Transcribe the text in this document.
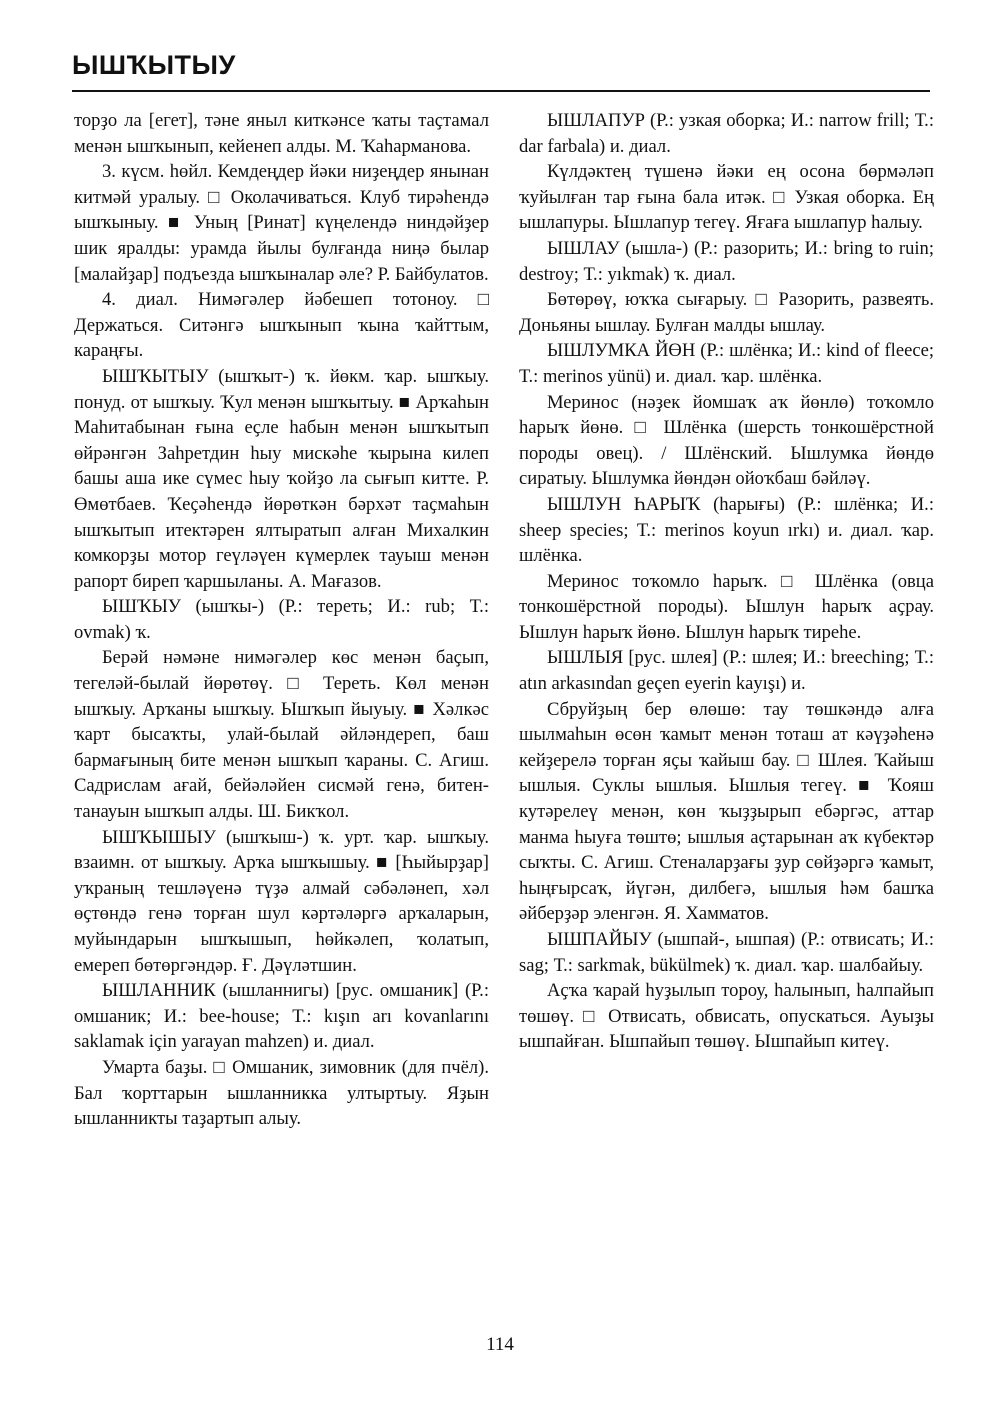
ЫШҠЫТЫУ

торҙо ла [егет], тәне яныл киткәнсе ҡаты таҫтамал менән ышҡынып, кейенеп алды. М. Ҡаһарманова.

3. күсм. һөйл. Кемдеңдер йәки ниҙеңдер янынан китмәй уралыу. □ Околачиваться. Клуб тирәһендә ышҡыныу. ■ Уның [Ринат] күңелендә ниндәйҙер шик яралды: урамда йылы булғанда ниңә былар [малайҙар] подъезда ышҡыналар әле? Р. Байбулатов.

4. диал. Нимәгәлер йәбешеп тотоноу. □ Держаться. Ситәнгә ышҡынып ҡына ҡайттым, караңғы.

ЫШҠЫТЫУ (ышҡыт-) ҡ. йөкм. ҡар. ышҡыу. понуд. от ышҡыу. Ҡул менән ышҡытыу. ■ Арҡаһын Маһитабынан ғына еҫле һабын менән ышҡытып өйрәнгән Заһретдин һыу мискәһе ҡырына килеп башы аша ике сүмес һыу ҡойҙо ла сығып китте. Р. Өмөтбаев. Ҡеҫәһендә йөрөткән бәрхәт таҫмаһын ышҡытып итектәрен ялтыратып алған Михалкин комкорҙы мотор геүләүен күмерлек тауыш менән рапорт биреп ҡаршыланы. А. Мағазов.

ЫШҠЫУ (ышҡы-) (Р.: тереть; И.: rub; Т.: ovmak) ҡ.

Берәй нәмәне нимәгәлер көс менән баҫып, тегеләй-былай йөрөтөү. □ Тереть. Көл менән ышҡыу. Арҡаны ышҡыу. Ышҡып йыуыу. ■ Хәлкәс ҡарт бысаҡты, улай-былай әйләндереп, баш бармағының бите менән ышҡып ҡараны. С. Агиш. Садрислам ағай, бейәләйен сисмәй генә, битен-танауын ышҡып алды. Ш. Бикҡол.

ЫШҠЫШЫУ (ышҡыш-) ҡ. урт. ҡар. ышҡыу. взаимн. от ышҡыу. Арҡа ышҡышыу. ■ [Һыйырҙар] уҡраның тешләүенә түҙә алмай сәбәләнеп, хәл өҫтөндә генә торған шул кәртәләргә арҡаларын, муйындарын ышҡышып, һөйкәлеп, ҡолатып, емереп бөтөргәндәр. Ғ. Дәүләтшин.

ЫШЛАННИК (ышланнигы) [рус. омшаник] (Р.: омшаник; И.: bee-house; Т.: kışın arı kovanlarını saklamak için yarayan mahzen) и. диал.

Умарта баҙы. □ Омшаник, зимовник (для пчёл). Бал ҡорттарын ышланникка ултыртыу. Яҙын ышланникты таҙартып алыу.

ЫШЛАПУР (Р.: узкая оборка; И.: narrow frill; Т.: dar farbala) и. диал.

Күлдәктең түшенә йәки ең осона бөрмәләп ҡуйылған тар ғына бала итәк. □ Узкая оборка. Ең ышлапуры. Ышлапур тегеү. Яғаға ышлапур һалыу.

ЫШЛАУ (ышла-) (Р.: разорить; И.: bring to ruin; destroy; Т.: yıkmak) ҡ. диал.

Бөтөрөү, юҡҡа сығарыу. □ Разорить, развеять. Доньяны ышлау. Булған малды ышлау.

ЫШЛУМКА ЙӨН (Р.: шлёнка; И.: kind of fleece; Т.: merinos yünü) и. диал. ҡар. шлёнка.

Меринос (нәҙек йомшаҡ аҡ йөнлө) тоҡомло һарыҡ йөнө. □ Шлёнка (шерсть тонкошёрстной породы овец). / Шлёнский. Ышлумка йөндө сиратыу. Ышлумка йөндән ойоҡбаш бәйләү.

ЫШЛУН ҺАРЫҠ (һарығы) (Р.: шлёнка; И.: sheep species; Т.: merinos koyun ırkı) и. диал. ҡар. шлёнка.

Меринос тоҡомло һарыҡ. □ Шлёнка (овца тонкошёрстной породы). Ышлун һарыҡ аҫрау. Ышлун һарыҡ йөнө. Ышлун һарыҡ тиреһе.

ЫШЛЫЯ [рус. шлея] (Р.: шлея; И.: breeching; Т.: atın arkasından geçen eyerin kayışı) и.

Сбруйҙың бер өлөшө: тау төшкәндә алға шылмаһын өсөн ҡамыт менән тоташ ат кәүҙәһенә кейҙерелә торған яҫы ҡайыш бау. □ Шлея. Ҡайыш ышлыя. Суклы ышлыя. Ышлыя тегеү. ■ Ҡояш кутәрелеү менән, көн ҡыҙҙырып ебәргәс, аттар манма һыуға төштө; ышлыя аҫтарынан аҡ күбектәр сыҡты. С. Агиш. Стеналарҙағы ҙур сөйҙәргә ҡамыт, һыңғырсаҡ, йүгән, дилбегә, ышлыя һәм башҡа әйберҙәр эленгән. Я. Хамматов.

ЫШПАЙЫУ (ышпай-, ышпая) (Р.: отвисать; И.: sag; Т.: sarkmak, bükülmek) ҡ. диал. ҡар. шалбайыу.

Аҫҡа ҡарай һуҙылып тороу, һалынып, һалпайып төшөү. □ Отвисать, обвисать, опускаться. Ауыҙы ышпайған. Ышпайып төшөү. Ышпайып китеү.

114
